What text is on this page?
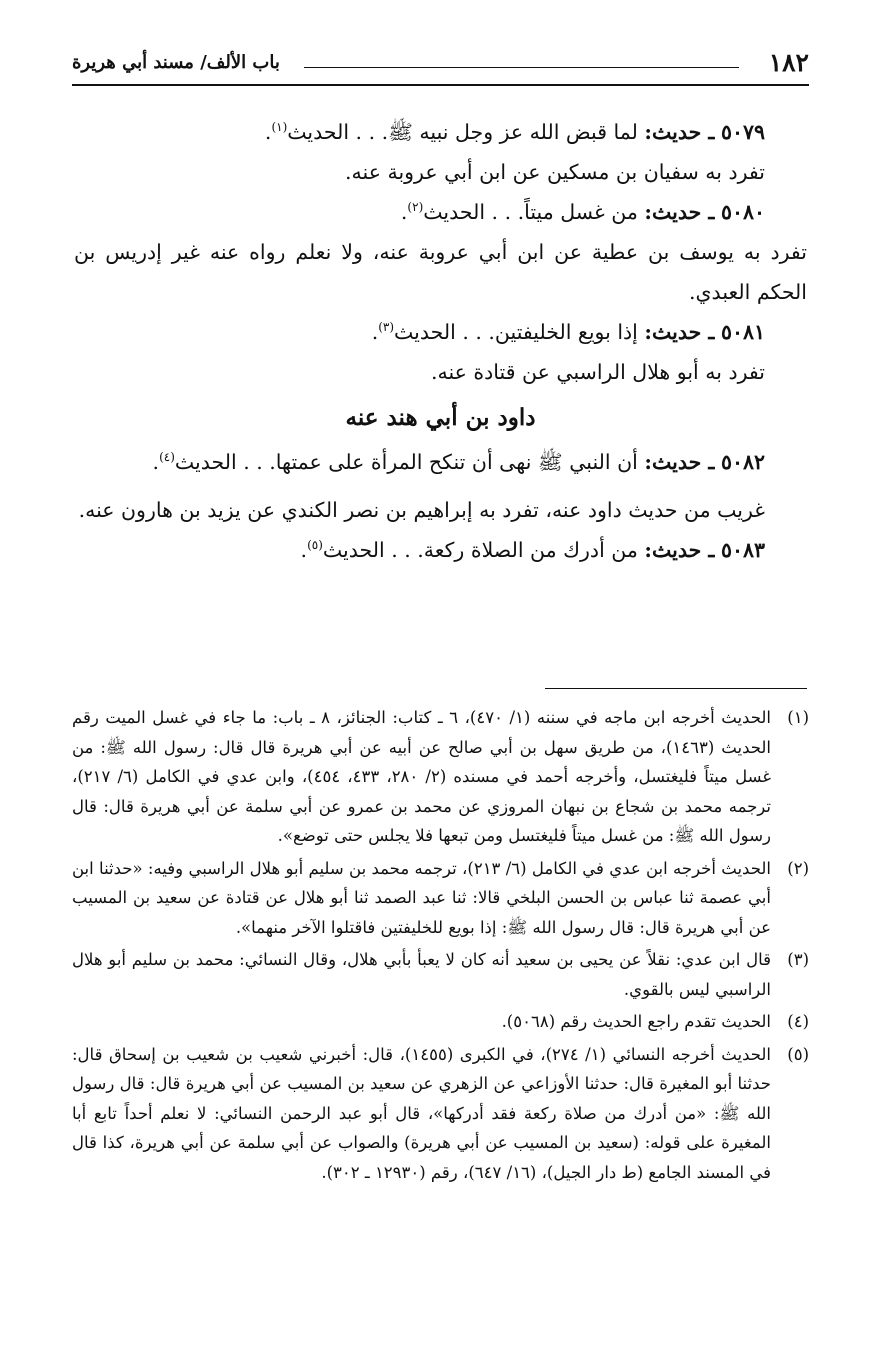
١٨٢
باب الألف/ مسند أبي هريرة

٥٠٧٩ ـ حديث: لما قبض الله عز وجل نبيه ﷺ. . . الحديث$^{(١)}$.

تفرد به سفيان بن مسكين عن ابن أبي عروبة عنه.

٥٠٨٠ ـ حديث: من غسل ميتاً. . . الحديث$^{(٢)}$.

تفرد به يوسف بن عطية عن ابن أبي عروبة عنه، ولا نعلم رواه عنه غير إدريس بن الحكم العبدي.

٥٠٨١ ـ حديث: إذا بويع الخليفتين. . . الحديث$^{(٣)}$.

تفرد به أبو هلال الراسبي عن قتادة عنه.

داود بن أبي هند عنه

٥٠٨٢ ـ حديث: أن النبي ﷺ نهى أن تنكح المرأة على عمتها. . . الحديث$^{(٤)}$.

غريب من حديث داود عنه، تفرد به إبراهيم بن نصر الكندي عن يزيد بن هارون عنه.

٥٠٨٣ ـ حديث: من أدرك من الصلاة ركعة. . . الحديث$^{(٥)}$.

(١)
الحديث أخرجه ابن ماجه في سننه (١/ ٤٧٠)، ٦ ـ كتاب: الجنائز، ٨ ـ باب: ما جاء في غسل الميت رقم الحديث (١٤٦٣)، من طريق سهل بن أبي صالح عن أبيه عن أبي هريرة قال قال: رسول الله ﷺ: من غسل ميتاً فليغتسل، وأخرجه أحمد في مسنده (٢/ ٢٨٠، ٤٣٣، ٤٥٤)، وابن عدي في الكامل (٦/ ٢١٧)، ترجمه محمد بن شجاع بن نبهان المروزي عن محمد بن عمرو عن أبي سلمة عن أبي هريرة قال: قال رسول الله ﷺ: من غسل ميتاً فليغتسل ومن تبعها فلا يجلس حتى توضع».
(٢)
الحديث أخرجه ابن عدي في الكامل (٦/ ٢١٣)، ترجمه محمد بن سليم أبو هلال الراسبي وفيه: «حدثنا ابن أبي عصمة ثنا عباس بن الحسن البلخي قالا: ثنا عبد الصمد ثنا أبو هلال عن قتادة عن سعيد بن المسيب عن أبي هريرة قال: قال رسول الله ﷺ: إذا بويع للخليفتين فاقتلوا الآخر منهما».
(٣)
قال ابن عدي: نقلاً عن يحيى بن سعيد أنه كان لا يعبأ بأبي هلال، وقال النسائي: محمد بن سليم أبو هلال الراسبي ليس بالقوي.
(٤)
الحديث تقدم راجع الحديث رقم (٥٠٦٨).
(٥)
الحديث أخرجه النسائي (١/ ٢٧٤)، في الكبرى (١٤٥٥)، قال: أخبرني شعيب بن شعيب بن إسحاق قال: حدثنا أبو المغيرة قال: حدثنا الأوزاعي عن الزهري عن سعيد بن المسيب عن أبي هريرة قال: قال رسول الله ﷺ: «من أدرك من صلاة ركعة فقد أدركها»، قال أبو عبد الرحمن النسائي: لا نعلم أحداً تابع أبا المغيرة على قوله: (سعيد بن المسيب عن أبي هريرة) والصواب عن أبي سلمة عن أبي هريرة، كذا قال في المسند الجامع (ط دار الجيل)، (١٦/ ٦٤٧)، رقم (١٢٩٣٠ ـ ٣٠٢).
